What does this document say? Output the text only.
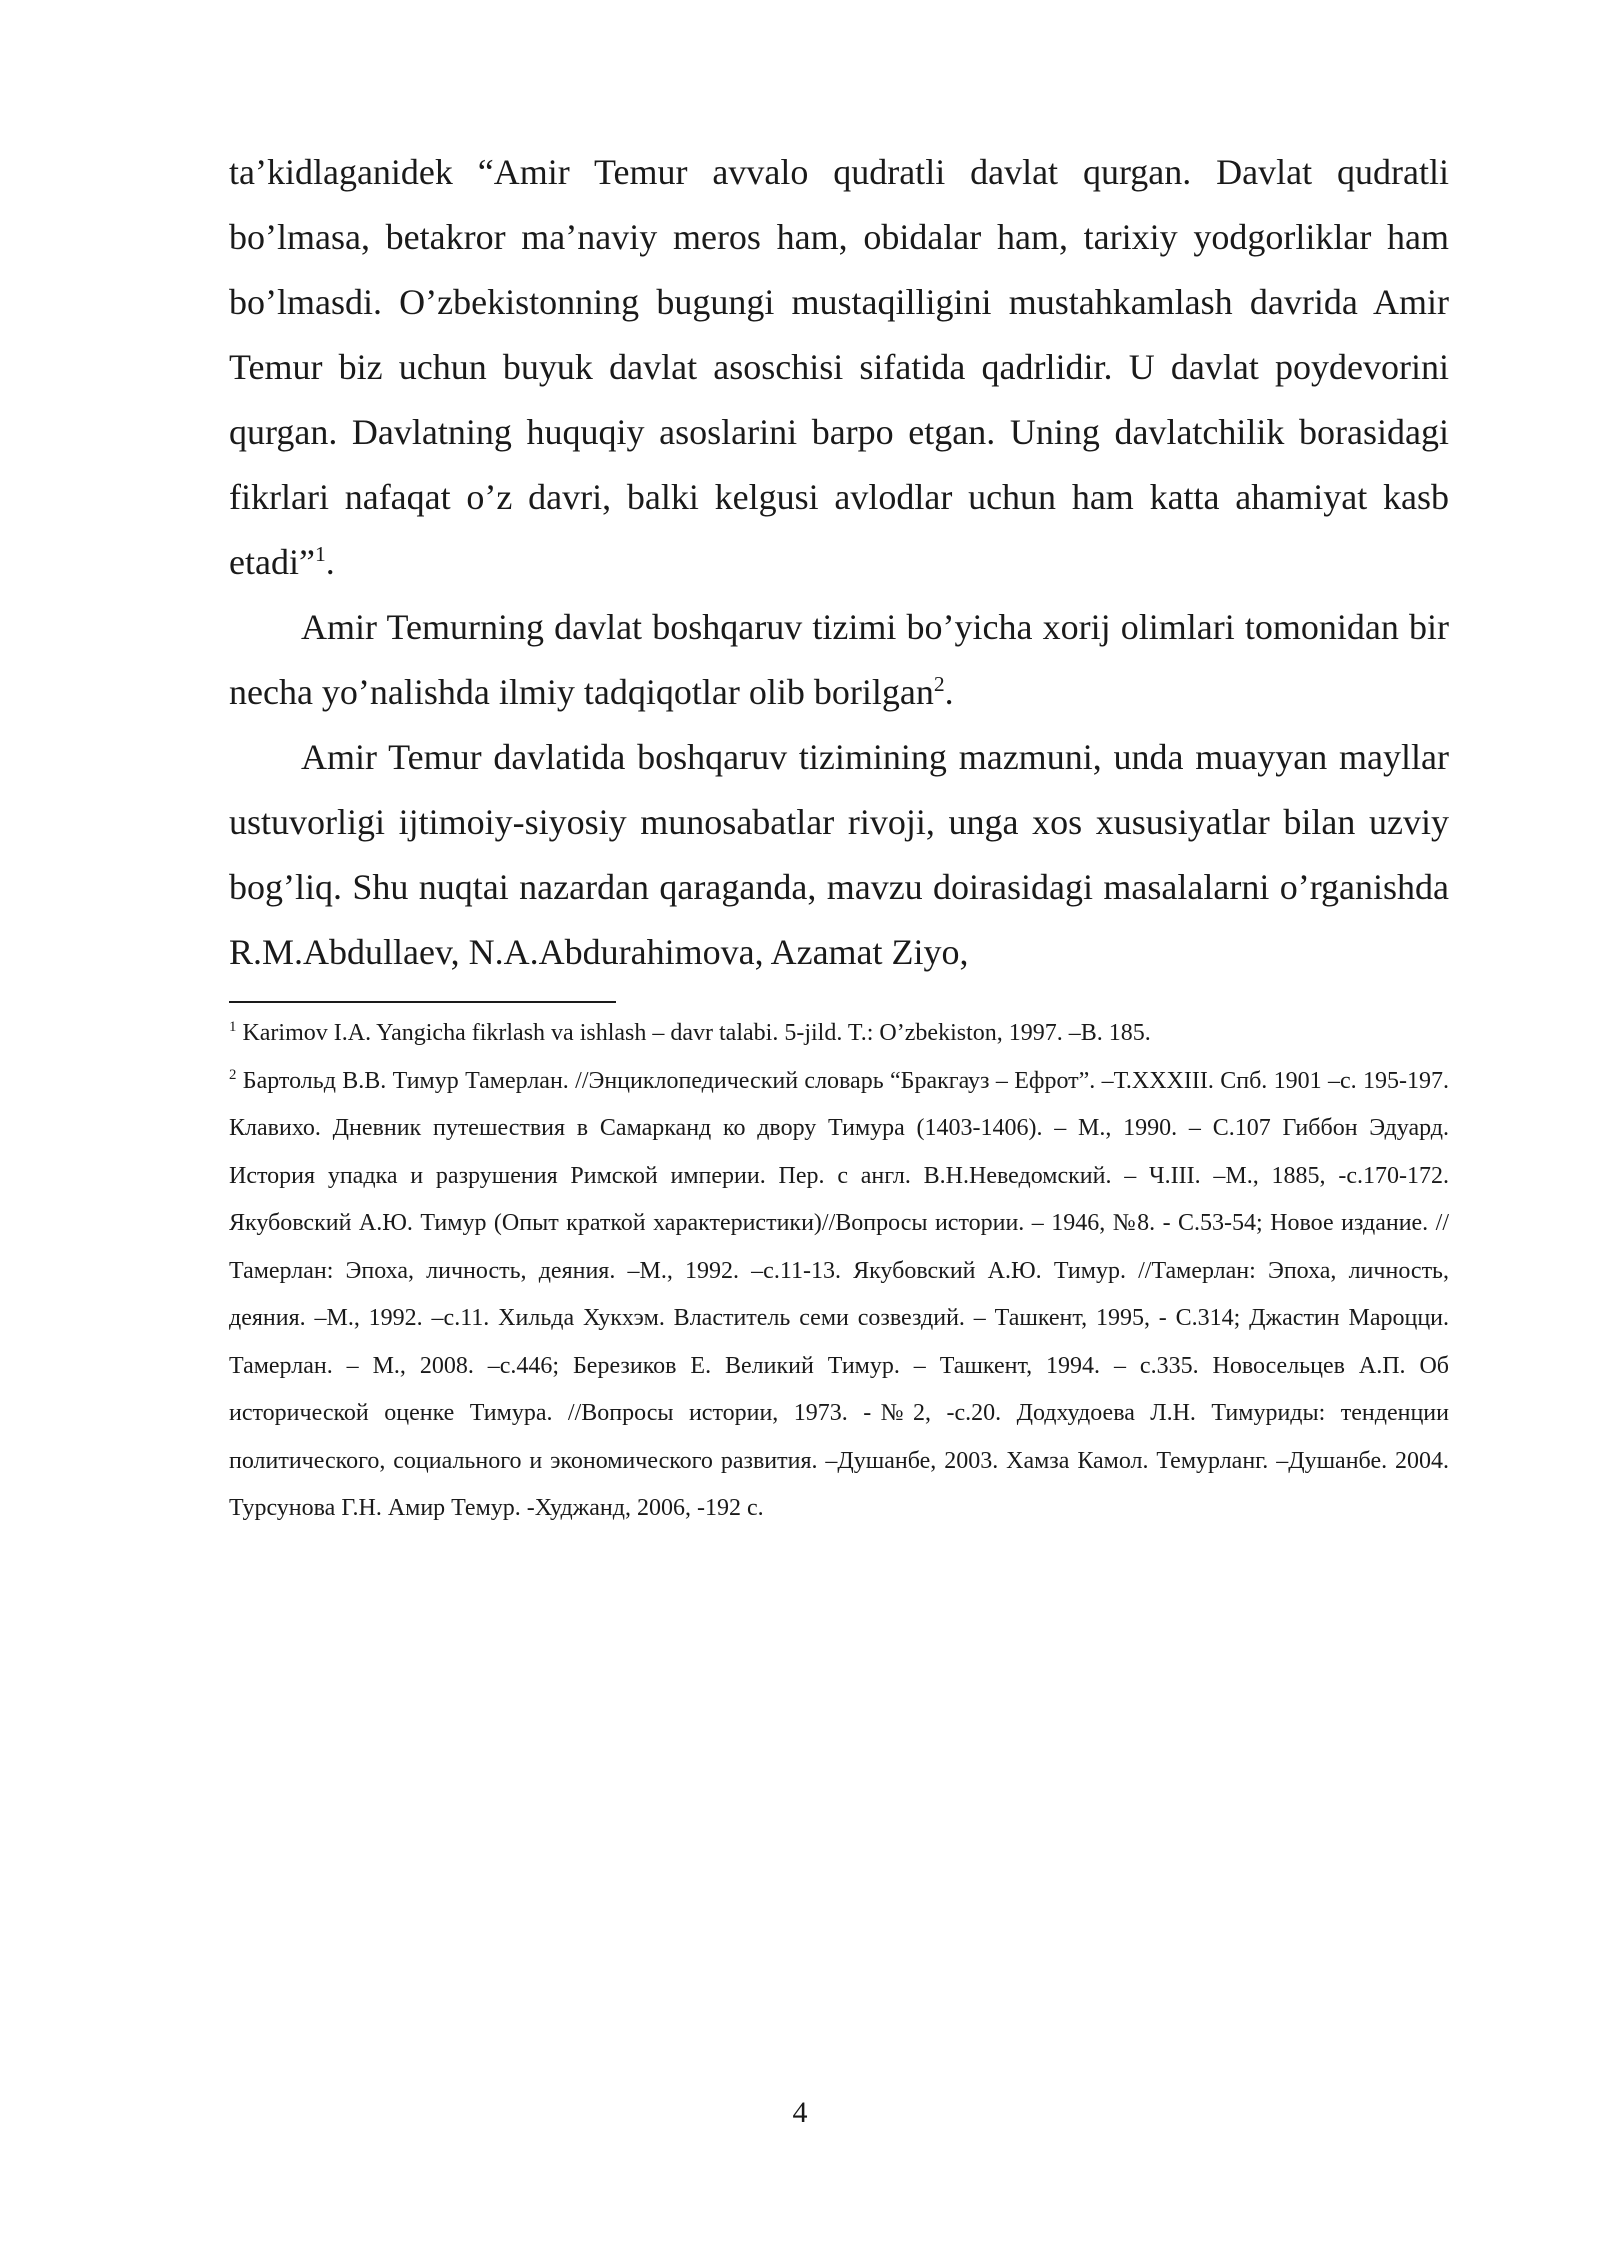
ta’kidlaganidek “Amir Temur avvalo qudratli davlat qurgan. Davlat qudratli bo’lmasa, betakror ma’naviy meros ham, obidalar ham, tarixiy yodgorliklar ham bo’lmasdi. O’zbekistonning bugungi mustaqilligini mustahkamlash davrida Amir Temur biz uchun buyuk davlat asoschisi sifatida qadrlidir. U davlat poydevorini qurgan. Davlatning huquqiy asoslarini barpo etgan. Uning davlatchilik borasidagi fikrlari nafaqat o’z davri, balki kelgusi avlodlar uchun ham katta ahamiyat kasb etadi”$^1$.

Amir Temurning davlat boshqaruv tizimi bo’yicha xorij olimlari tomonidan bir necha yo’nalishda ilmiy tadqiqotlar olib borilgan$^2$.

Amir Temur davlatida boshqaruv tizimining mazmuni, unda muayyan mayllar ustuvorligi ijtimoiy-siyosiy munosabatlar rivoji, unga xos xususiyatlar bilan uzviy bog’liq. Shu nuqtai nazardan qaraganda, mavzu doirasidagi masalalarni o’rganishda R.M.Abdullaev, N.A.Abdurahimova, Azamat Ziyo,

$^1$ Karimov I.A. Yangicha fikrlash va ishlash – davr talabi. 5-jild. T.: O’zbekiston, 1997. –B. 185.

$^2$ Бартольд В.В. Тимур Тамерлан. //Энциклопедический словарь “Бракгауз – Ефрот”. –Т.XXXIII. Спб. 1901 –с. 195-197. Клавихо. Дневник путешествия в Самарканд ко двору Тимура (1403-1406). – М., 1990. – С.107 Гиббон Эдуард. История упадка и разрушения Римской империи. Пер. с англ. В.Н.Неведомский. – Ч.III. –М., 1885, -с.170-172. Якубовский А.Ю. Тимур (Опыт краткой характеристики)//Вопросы истории. – 1946, №8. - С.53-54; Новое издание. //Тамерлан: Эпоха, личность, деяния. –М., 1992. –с.11-13. Якубовский А.Ю. Тимур. //Тамерлан: Эпоха, личность, деяния. –М., 1992. –с.11. Хильда Хукхэм. Властитель семи созвездий. – Ташкент, 1995, - С.314; Джастин Мароцци. Тамерлан. – М., 2008. –с.446; Березиков Е. Великий Тимур. – Ташкент, 1994. – с.335. Новосельцев А.П. Об исторической оценке Тимура. //Вопросы истории, 1973. -№2, -с.20. Додхудоева Л.Н. Тимуриды: тенденции политического, социального и экономического развития. –Душанбе, 2003. Хамза Камол. Темурланг. –Душанбе. 2004. Турсунова Г.Н. Амир Темур. -Худжанд, 2006, -192 с.

4
